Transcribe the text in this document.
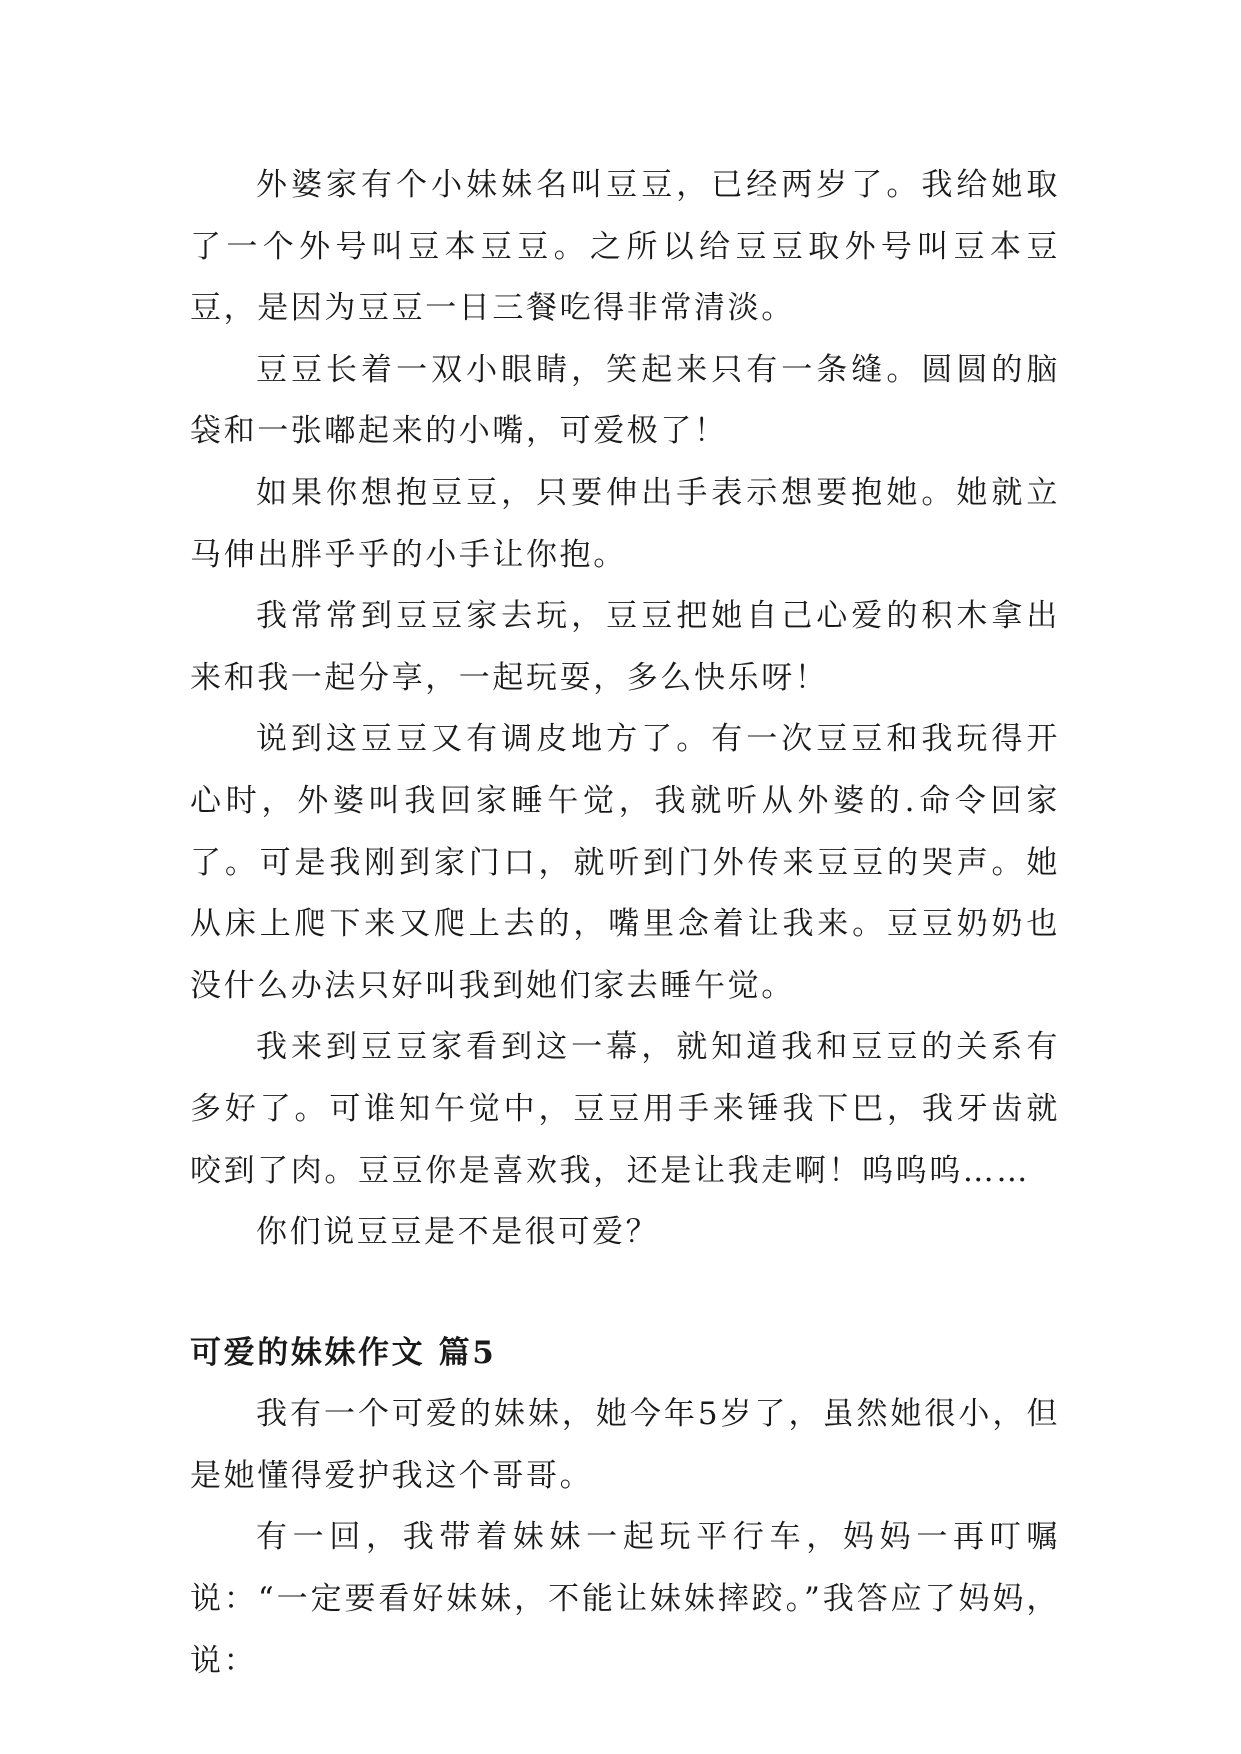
外婆家有个小妹妹名叫豆豆，已经两岁了。我给她取了一个外号叫豆本豆豆。之所以给豆豆取外号叫豆本豆豆，是因为豆豆一日三餐吃得非常清淡。

豆豆长着一双小眼睛，笑起来只有一条缝。圆圆的脑袋和一张嘟起来的小嘴，可爱极了！

如果你想抱豆豆，只要伸出手表示想要抱她。她就立马伸出胖乎乎的小手让你抱。

我常常到豆豆家去玩，豆豆把她自己心爱的积木拿出来和我一起分享，一起玩耍，多么快乐呀！

说到这豆豆又有调皮地方了。有一次豆豆和我玩得开心时，外婆叫我回家睡午觉，我就听从外婆的.命令回家了。可是我刚到家门口，就听到门外传来豆豆的哭声。她从床上爬下来又爬上去的，嘴里念着让我来。豆豆奶奶也没什么办法只好叫我到她们家去睡午觉。

我来到豆豆家看到这一幕，就知道我和豆豆的关系有多好了。可谁知午觉中，豆豆用手来锤我下巴，我牙齿就咬到了肉。豆豆你是喜欢我，还是让我走啊！呜呜呜……

你们说豆豆是不是很可爱？

可爱的妹妹作文 篇5

我有一个可爱的妹妹，她今年5岁了，虽然她很小，但是她懂得爱护我这个哥哥。

有一回，我带着妹妹一起玩平行车，妈妈一再叮嘱说：“一定要看好妹妹，不能让妹妹摔跤。”我答应了妈妈，说：
